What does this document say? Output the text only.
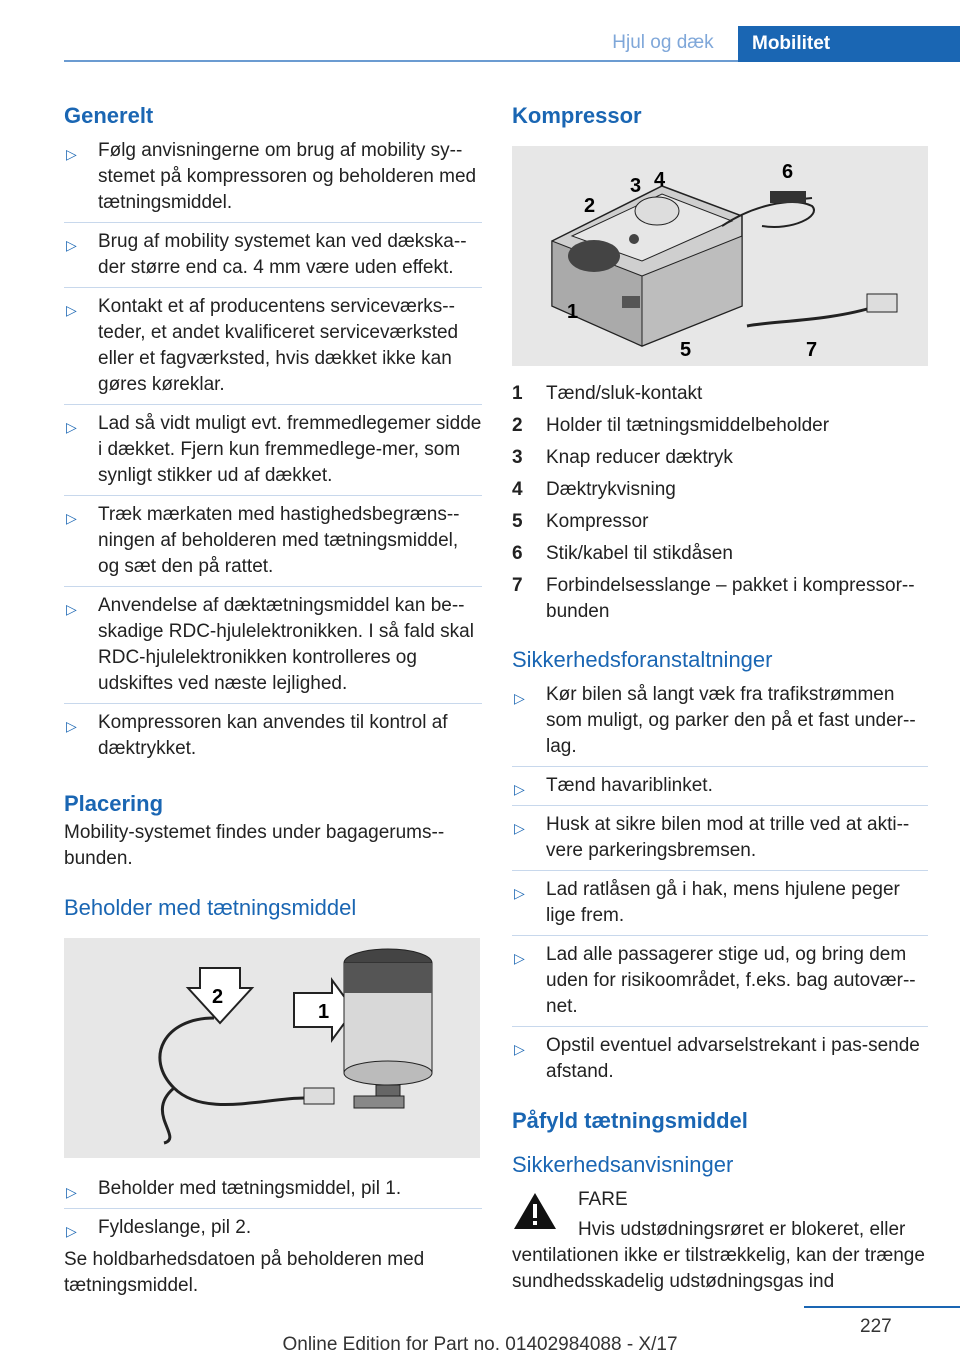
Hjul og dæk	Mobilitet
Generelt
▷ Følg anvisningerne om brug af mobility sy-stemet på kompressoren og beholderen med tætningsmiddel.
▷ Brug af mobility systemet kan ved dækska-der større end ca. 4 mm være uden effekt.
▷ Kontakt et af producentens serviceværks-teder, et andet kvalificeret serviceværksted eller et fagværksted, hvis dækket ikke kan gøres køreklar.
▷ Lad så vidt muligt evt. fremmedlegemer sidde i dækket. Fjern kun fremmedlege-mer, som synligt stikker ud af dækket.
▷ Træk mærkaten med hastighedsbegræns-ningen af beholderen med tætningsmiddel, og sæt den på rattet.
▷ Anvendelse af dæktætningsmiddel kan be-skadige RDC-hjulelektronikken. I så fald skal RDC-hjulelektronikken kontrolleres og udskiftes ved næste lejlighed.
▷ Kompressoren kan anvendes til kontrol af dæktrykket.
Placering

Mobility-systemet findes under bagagerums-bunden.

Beholder med tætningsmiddel
2
1
▷ Beholder med tætningsmiddel, pil 1.
▷ Fyldeslange, pil 2.

Se holdbarhedsdatoen på beholderen med tætningsmiddel.

Kompressor
1
2
3 4
5
6
7
1	Tænd/sluk-kontakt
2	Holder til tætningsmiddelbeholder
3	Knap reducer dæktryk
4	Dæktrykvisning
5	Kompressor
6	Stik/kabel til stikdåsen
7	Forbindelsesslange – pakket i kompressor-bunden
Sikkerhedsforanstaltninger
▷ Kør bilen så langt væk fra trafikstrømmen som muligt, og parker den på et fast under-lag.
▷ Tænd havariblinket.
▷ Husk at sikre bilen mod at trille ved at akti-vere parkeringsbremsen.
▷ Lad ratlåsen gå i hak, mens hjulene peger lige frem.
▷ Lad alle passagerer stige ud, og bring dem uden for risikoområdet, f.eks. bag autovær-net.
▷ Opstil eventuel advarselstrekant i pas-sende afstand.
Påfyld tætningsmiddel
Sikkerhedsanvisninger

FARE

Hvis udstødningsrøret er blokeret, eller

ventilationen ikke er tilstrækkelig, kan der trænge sundhedsskadelig udstødningsgas ind

227
Online Edition for Part no. 01402984088 - X/17
